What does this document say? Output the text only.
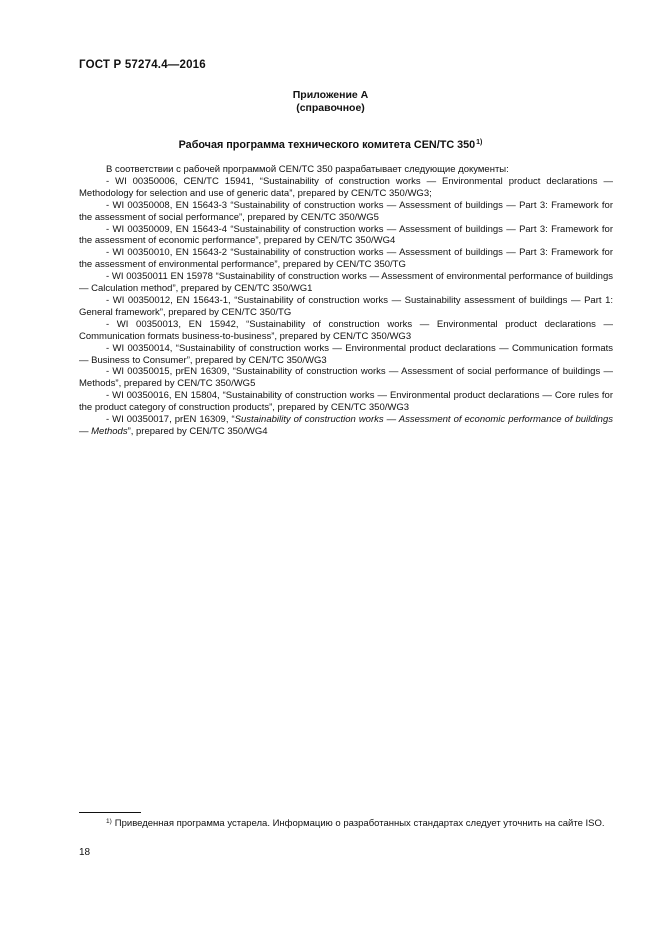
ГОСТ Р 57274.4—2016
Приложение А
(справочное)
Рабочая программа технического комитета CEN/TC 350$^{1)}$

В соответствии с рабочей программой CEN/TC 350 разрабатывает следующие документы:

- WI 00350006, CEN/TC 15941, “Sustainability of construction works — Environmental product declarations — Methodology for selection and use of generic data”, prepared by CEN/TC 350/WG3;

- WI 00350008, EN 15643-3 “Sustainability of construction works — Assessment of buildings — Part 3: Framework for the assessment of social performance”, prepared by CEN/TC 350/WG5

- WI 00350009, EN 15643-4 “Sustainability of construction works — Assessment of buildings — Part 3: Framework for the assessment of economic performance”, prepared by CEN/TC 350/WG4

- WI 00350010, EN 15643-2 “Sustainability of construction works — Assessment of buildings — Part 3: Framework for the assessment of environmental performance”, prepared by CEN/TC 350/TG

- WI 00350011 EN 15978 “Sustainability of construction works — Assessment of environmental performance of buildings — Calculation method”, prepared by CEN/TC 350/WG1

- WI 00350012, EN 15643-1, “Sustainability of construction works — Sustainability assessment of buildings — Part 1: General framework”, prepared by CEN/TC 350/TG

- WI 00350013, EN 15942, “Sustainability of construction works — Environmental product declarations — Communication formats business-to-business”, prepared by CEN/TC 350/WG3

- WI 00350014, “Sustainability of construction works — Environmental product declarations — Communication formats — Business to Consumer”, prepared by CEN/TC 350/WG3

- WI 00350015, prEN 16309, “Sustainability of construction works — Assessment of social performance of buildings — Methods”, prepared by CEN/TC 350/WG5

- WI 00350016, EN 15804, “Sustainability of construction works — Environmental product declarations — Core rules for the product category of construction products”, prepared by CEN/TC 350/WG3

- WI 00350017, prEN 16309, “Sustainability of construction works — Assessment of economic performance of buildings — Methods”, prepared by CEN/TC 350/WG4

$^{1)}$ Приведенная программа устарела. Информацию о разработанных стандартах следует уточнить на сайте ISO.

18
